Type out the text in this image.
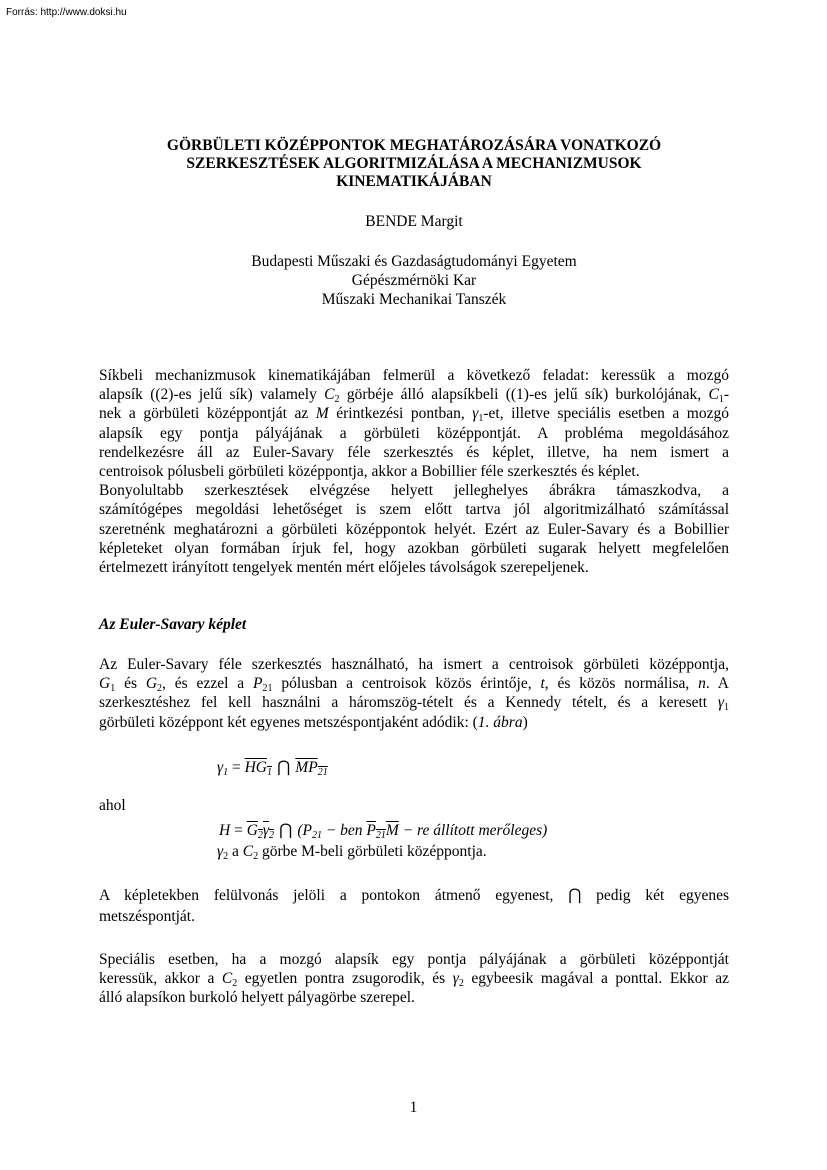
Forrás: http://www.doksi.hu
GÖRBÜLETI KÖZÉPPONTOK MEGHATÁROZÁSÁRA VONATKOZÓ
SZERKESZTÉSEK ALGORITMIZÁLÁSA A MECHANIZMUSOK
KINEMATIKÁJÁBAN
BENDE Margit
Budapesti Műszaki és Gazdaságtudományi Egyetem
Gépészmérnöki Kar
Műszaki Mechanikai Tanszék
Síkbeli mechanizmusok kinematikájában felmerül a következő feladat: keressük a mozgó
alapsík ((2)-es jelű sík) valamely $C_2$ görbéje álló alapsíkbeli ((1)-es jelű sík) burkolójának, $C_1-$
nek a görbületi középpontját az M érintkezési pontban, $\gamma_1-et$, illetve speciális esetben a mozgó
alapsík egy pontja pályájának a görbületi középpontját. A probléma megoldásához
rendelkezésre áll az Euler-Savary féle szerkesztés és képlet, illetve, ha nem ismert a
centroisok pólusbeli görbületi középpontja, akkor a Bobillier féle szerkesztés és képlet.
Bonyolultabb szerkesztések elvégzése helyett jelleghelyes ábrákra támaszkodva, a
számítógépes megoldási lehetőséget is szem előtt tartva jól algoritmizálható számítással
szeretnénk meghatározni a görbületi középpontok helyét. Ezért az Euler-Savary és a Bobillier
képleteket olyan formában írjuk fel, hogy azokban görbületi sugarak helyett megfelelően
értelmezett irányított tengelyek mentén mért előjeles távolságok szerepeljenek.
Az Euler-Savary képlet
Az Euler-Savary féle szerkesztés használható, ha ismert a centroisok görbületi középpontja,
$G_1$ és $G_2$, és ezzel a $P_{21}$ pólusban a centroisok közös érintője, t, és közös normálisa, n. A
szerkesztéshez fel kell használni a háromszög-tételt és a Kennedy tételt, és a keresett $\gamma_1$
görbületi középpont két egyenes metszéspontjaként adódik: (1. ábra)
$\gamma_1 = HG_1$ ⋂ $MP_{21}$
ahol
$H = G_2\gamma_2$ ⋂ ($P_{21}$ − ben $P_{21}M$ − re állított merőleges)
$\gamma_2$ a $C_2$ görbe M-beli görbületi középpontja.
A képletekben felülvonás jelöli a pontokon átmenő egyenest, ⋂ pedig két egyenes
metszéspontját.
Speciális esetben, ha a mozgó alapsík egy pontja pályájának a görbületi középpontját
keressük, akkor a $C_2$ egyetlen pontra zsugorodik, és $\gamma_2$ egybeesik magával a ponttal. Ekkor az
álló alapsíkon burkoló helyett pályagörbe szerepel.
1
